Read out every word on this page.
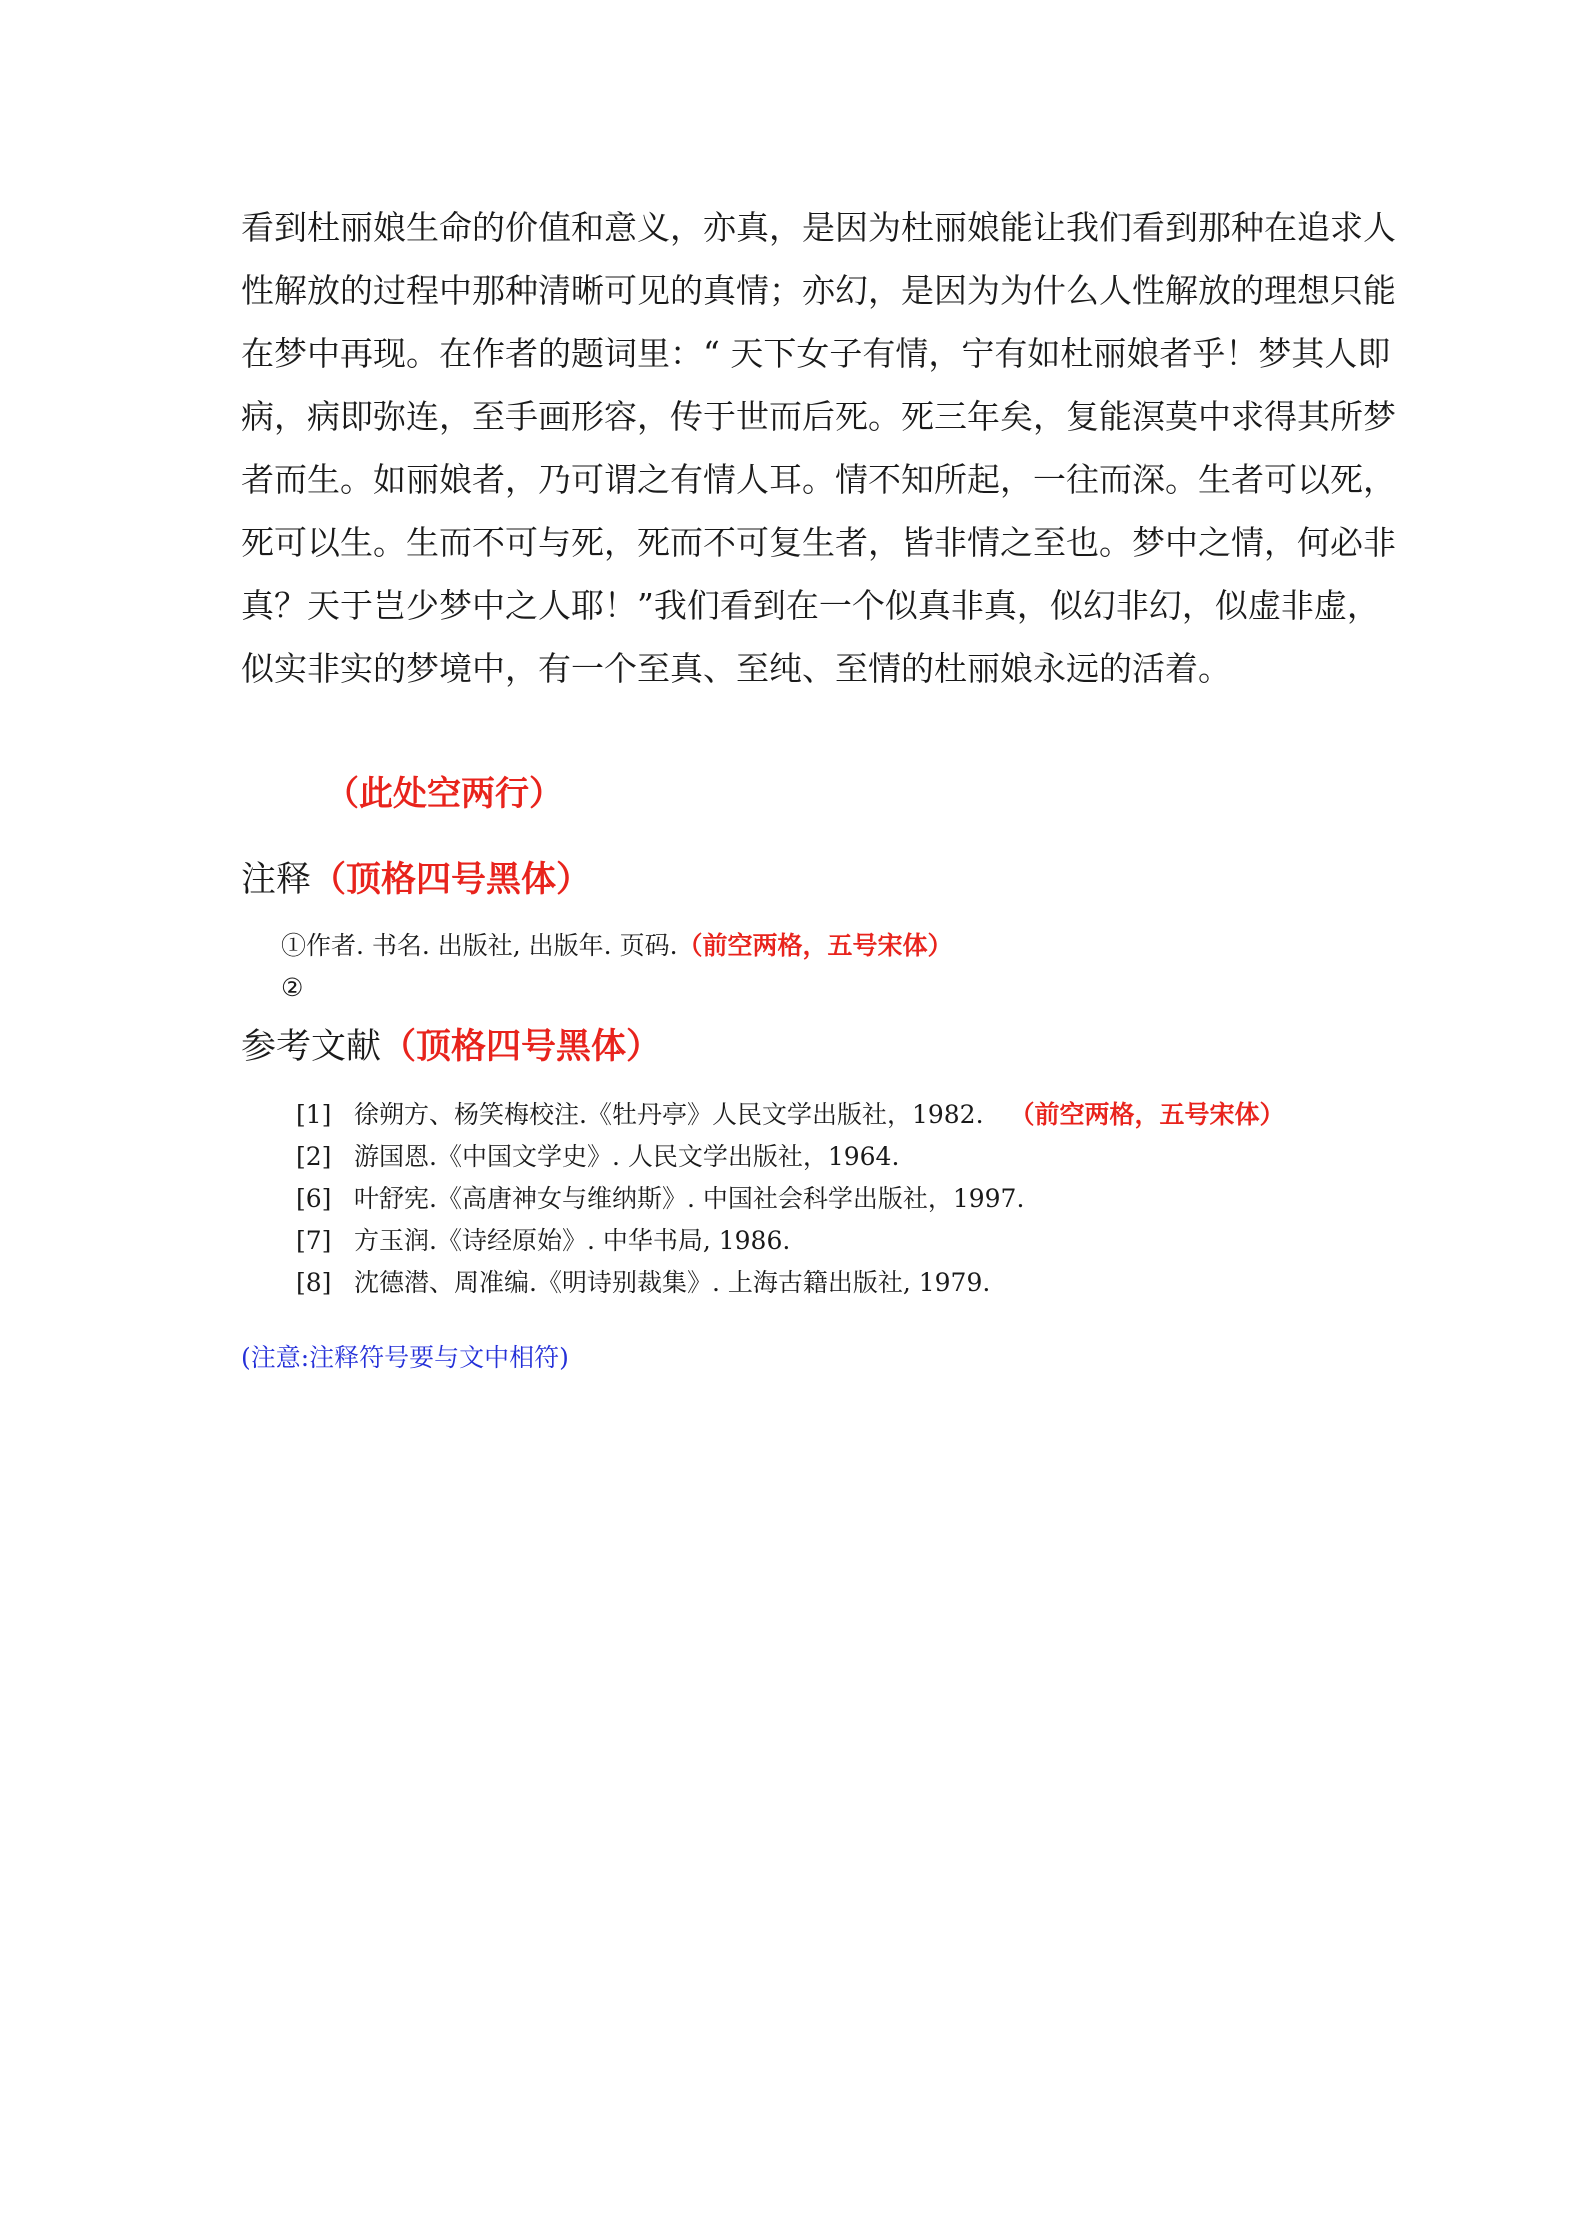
看到杜丽娘生命的价值和意义，亦真，是因为杜丽娘能让我们看到那种在追求人
性解放的过程中那种清晰可见的真情；亦幻，是因为为什么人性解放的理想只能
在梦中再现。在作者的题词里：“ 天下女子有情，宁有如杜丽娘者乎！梦其人即
病，病即弥连，至手画形容，传于世而后死。死三年矣，复能溟莫中求得其所梦
者而生。如丽娘者，乃可谓之有情人耳。情不知所起，一往而深。生者可以死，
死可以生。生而不可与死，死而不可复生者，皆非情之至也。梦中之情，何必非
真？天于岂少梦中之人耶！”我们看到在一个似真非真，似幻非幻，似虚非虚，
似实非实的梦境中，有一个至真、至纯、至情的杜丽娘永远的活着。
（此处空两行）
注释（顶格四号黑体）
①作者. 书名. 出版社, 出版年. 页码.（前空两格，五号宋体）
②
参考文献（顶格四号黑体）
[1] 徐朔方、杨笑梅校注.《牡丹亭》人民文学出版社，1982. （前空两格，五号宋体）
[2] 游国恩.《中国文学史》. 人民文学出版社，1964.
[6] 叶舒宪.《高唐神女与维纳斯》. 中国社会科学出版社，1997.
[7] 方玉润.《诗经原始》. 中华书局, 1986.
[8] 沈德潜、周准编.《明诗别裁集》. 上海古籍出版社, 1979.
(注意:注释符号要与文中相符)
